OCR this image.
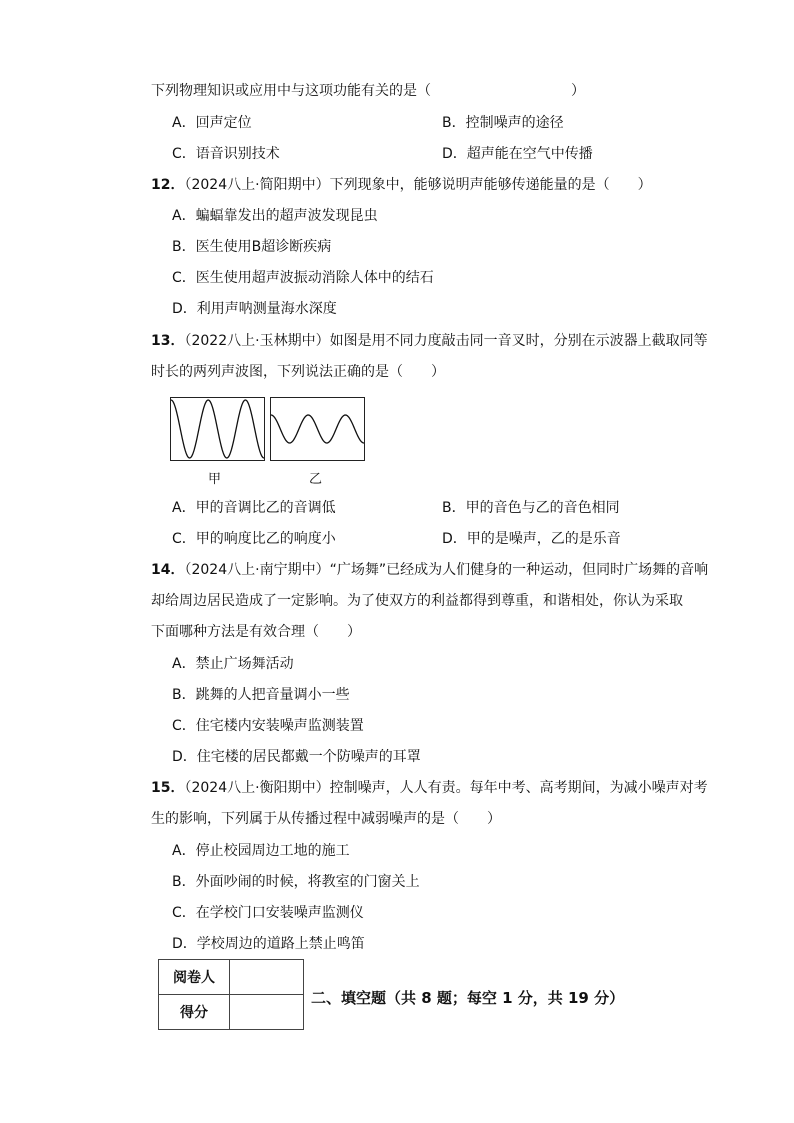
下列物理知识或应用中与这项功能有关的是（　　　　　　　　　　）
A．回声定位	B．控制噪声的途径
C．语音识别技术	D．超声能在空气中传播
12．（2024八上·简阳期中）下列现象中，能够说明声能够传递能量的是（　　）
A．蝙蝠靠发出的超声波发现昆虫
B．医生使用B超诊断疾病
C．医生使用超声波振动消除人体中的结石
D．利用声呐测量海水深度
13．（2022八上·玉林期中）如图是用不同力度敲击同一音叉时，分别在示波器上截取同等
时长的两列声波图，下列说法正确的是（　　）
甲	乙
A．甲的音调比乙的音调低	B．甲的音色与乙的音色相同
C．甲的响度比乙的响度小	D．甲的是噪声，乙的是乐音
14．（2024八上·南宁期中）“广场舞”已经成为人们健身的一种运动，但同时广场舞的音响
却给周边居民造成了一定影响。为了使双方的利益都得到尊重，和谐相处，你认为采取
下面哪种方法是有效合理（　　）
A．禁止广场舞活动
B．跳舞的人把音量调小一些
C．住宅楼内安装噪声监测装置
D．住宅楼的居民都戴一个防噪声的耳罩
15．（2024八上·衡阳期中）控制噪声，人人有责。每年中考、高考期间，为减小噪声对考
生的影响，下列属于从传播过程中减弱噪声的是（　　）
A．停止校园周边工地的施工
B．外面吵闹的时候，将教室的门窗关上
C．在学校门口安装噪声监测仪
D．学校周边的道路上禁止鸣笛
阅卷人	
得分	
二、填空题（共 8 题；每空 1 分，共 19 分）
